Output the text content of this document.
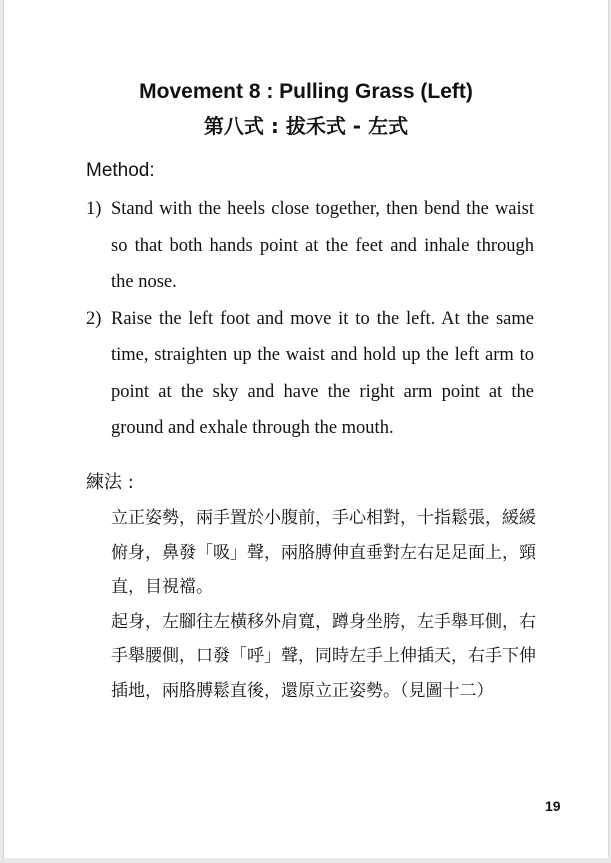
Movement 8 : Pulling Grass (Left)
第八式 : 拔禾式 - 左式
Method:
1) Stand with the heels close together, then bend the waist so that both hands point at the feet and inhale through the nose.
2) Raise the left foot and move it to the left. At the same time, straighten up the waist and hold up the left arm to point at the sky and have the right arm point at the ground and exhale through the mouth.
練法 :

立正姿勢，兩手置於小腹前，手心相對，十指鬆張，緩緩俯身，鼻發「吸」聲，兩胳膊伸直垂對左右足足面上，頸直，目視襠。

起身，左腳往左橫移外肩寬，蹲身坐胯，左手舉耳側，右手舉腰側，口發「呼」聲，同時左手上伸插天，右手下伸插地，兩胳膊鬆直後，還原立正姿勢。（見圖十二）

19
